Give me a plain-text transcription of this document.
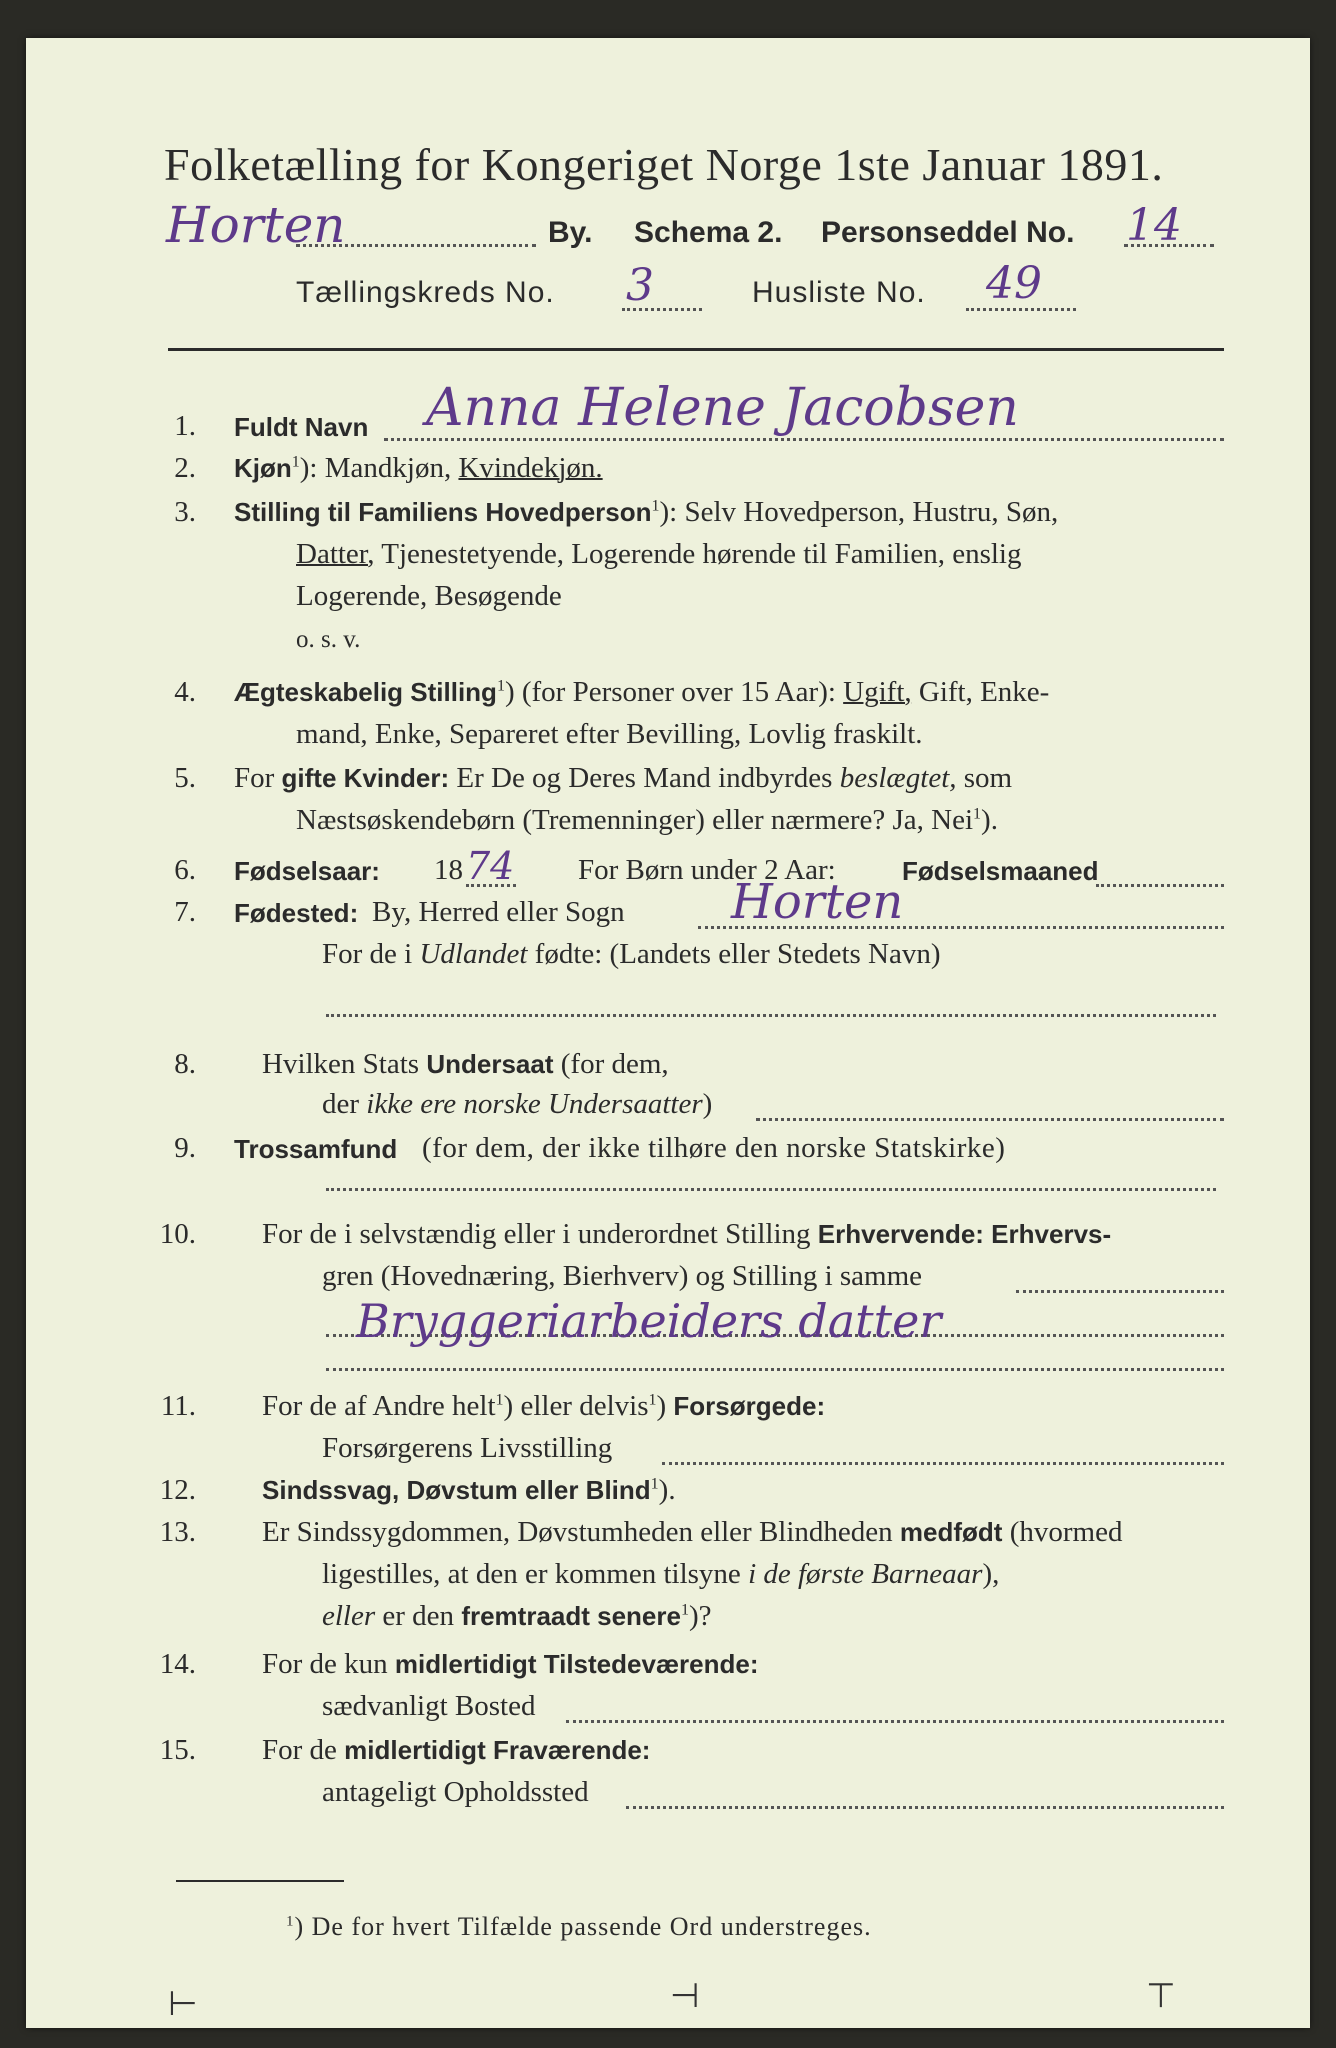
Folketælling for Kongeriget Norge 1ste Januar 1891.
Horten	By. Schema 2. Personseddel No. 14
Tællingskreds No. 3	Husliste No. 49
1. Fuldt Navn Anna Helene Jacobsen
2. Kjøn$^1$): Mandkjøn, Kvindekjøn.
3. Stilling til Familiens Hovedperson$^1$): Selv Hovedperson, Hustru, Søn,
Datter, Tjenestetyende, Logerende hørende til Familien, enslig
Logerende, Besøgende
o. s. v.
4. Ægteskabelig Stilling$^1$) (for Personer over 15 Aar): Ugift, Gift, Enke-
mand, Enke, Separeret efter Bevilling, Lovlig fraskilt.
5. For gifte Kvinder: Er De og Deres Mand indbyrdes beslægtet, som
Næstsøskendebørn (Tremenninger) eller nærmere? Ja, Nei$^1$).
6. Fødselsaar: 18 74 For Børn under 2 Aar:	Fødselsmaaned
7. Fødested: By, Herred eller Sogn Horten
For de i Udlandet fødte: (Landets eller Stedets Navn)
8. Hvilken Stats Undersaat (for dem,
der ikke ere norske Undersaatter)
9. Trossamfund (for dem, der ikke tilhøre den norske Statskirke)
10. For de i selvstændig eller i underordnet Stilling Erhvervende: Erhvervs-
gren (Hovednæring, Bierhverv) og Stilling i samme
Bryggeriarbeiders datter
11. For de af Andre helt$^1$) eller delvis$^1$) Forsørgede:
Forsørgerens Livsstilling
12.	Sindssvag, Døvstum eller Blind$^1$).
13. Er Sindssygdommen, Døvstumheden eller Blindheden medfødt (hvormed
ligestilles, at den er kommen tilsyne i de første Barneaar),
eller er den fremtraadt senere$^1$)?
14. For de kun midlertidigt Tilstedeværende:
sædvanligt Bosted
15. For de midlertidigt Fraværende:
antageligt Opholdssted
$^1$) De for hvert Tilfælde passende Ord understreges.
⊢	⊣	⊤
